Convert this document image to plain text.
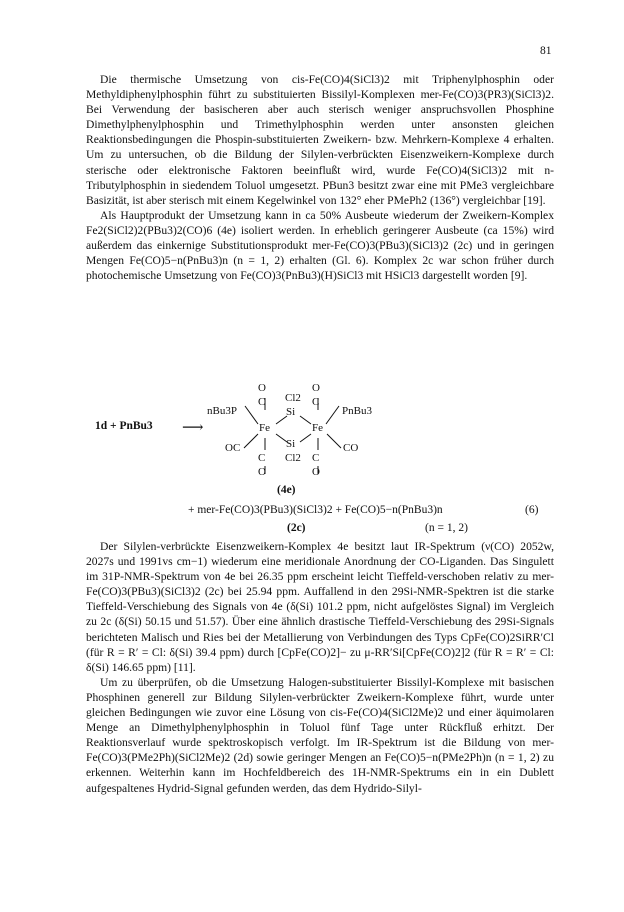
81

Die thermische Umsetzung von cis-Fe(CO)4(SiCl3)2 mit Triphenylphosphin oder Methyldiphenylphosphin führt zu substituierten Bissilyl-Komplexen mer-Fe(CO)3(PR3)(SiCl3)2. Bei Verwendung der basischeren aber auch sterisch weniger anspruchsvollen Phosphine Dimethylphenylphosphin und Trimethylphosphin werden unter ansonsten gleichen Reaktionsbedingungen die Phospin-substituierten Zweikern- bzw. Mehrkern-Komplexe 4 erhalten. Um zu untersuchen, ob die Bildung der Silylen-verbrückten Eisenzweikern-Komplexe durch sterische oder elektronische Faktoren beeinflußt wird, wurde Fe(CO)4(SiCl3)2 mit n-Tributylphosphin in siedendem Toluol umgesetzt. PBun3 besitzt zwar eine mit PMe3 vergleichbare Basizität, ist aber sterisch mit einem Kegelwinkel von 132° eher PMePh2 (136°) vergleichbar [19].

Als Hauptprodukt der Umsetzung kann in ca 50% Ausbeute wiederum der Zweikern-Komplex Fe2(SiCl2)2(PBu3)2(CO)6 (4e) isoliert werden. In erheblich geringerer Ausbeute (ca 15%) wird außerdem das einkernige Substitutionsprodukt mer-Fe(CO)3(PBu3)(SiCl3)2 (2c) und in geringen Mengen Fe(CO)5−n(PnBu3)n (n = 1, 2) erhalten (Gl. 6). Komplex 2c war schon früher durch photochemische Umsetzung von Fe(CO)3(PnBu3)(H)SiCl3 mit HSiCl3 dargestellt worden [9].

O	O
C	C
Cl2
nBu3P	PnBu3
Si
1d + PnBu3 ⟶	Fe	Fe
OC	CO
Si
C	C
Cl2
O	O
(4e)
+ mer-Fe(CO)3(PBu3)(SiCl3)2 + Fe(CO)5−n(PnBu3)n	(6)
(2c)	(n = 1, 2)

Der Silylen-verbrückte Eisenzweikern-Komplex 4e besitzt laut IR-Spektrum (ν(CO) 2052w, 2027s und 1991vs cm−1) wiederum eine meridionale Anordnung der CO-Liganden. Das Singulett im 31P-NMR-Spektrum von 4e bei 26.35 ppm erscheint leicht Tieffeld-verschoben relativ zu mer-Fe(CO)3(PBu3)(SiCl3)2 (2c) bei 25.94 ppm. Auffallend in den 29Si-NMR-Spektren ist die starke Tieffeld-Verschiebung des Signals von 4e (δ(Si) 101.2 ppm, nicht aufgelöstes Signal) im Vergleich zu 2c (δ(Si) 50.15 und 51.57). Über eine ähnlich drastische Tieffeld-Verschiebung des 29Si-Signals berichteten Malisch und Ries bei der Metallierung von Verbindungen des Typs CpFe(CO)2SiRR′Cl (für R = R′ = Cl: δ(Si) 39.4 ppm) durch [CpFe(CO)2]− zu μ-RR′Si[CpFe(CO)2]2 (für R = R′ = Cl: δ(Si) 146.65 ppm) [11].

Um zu überprüfen, ob die Umsetzung Halogen-substituierter Bissilyl-Komplexe mit basischen Phosphinen generell zur Bildung Silylen-verbrückter Zweikern-Komplexe führt, wurde unter gleichen Bedingungen wie zuvor eine Lösung von cis-Fe(CO)4(SiCl2Me)2 und einer äquimolaren Menge an Dimethylphenylphosphin in Toluol fünf Tage unter Rückfluß erhitzt. Der Reaktionsverlauf wurde spektroskopisch verfolgt. Im IR-Spektrum ist die Bildung von mer-Fe(CO)3(PMe2Ph)(SiCl2Me)2 (2d) sowie geringer Mengen an Fe(CO)5−n(PMe2Ph)n (n = 1, 2) zu erkennen. Weiterhin kann im Hochfeldbereich des 1H-NMR-Spektrums ein in ein Dublett aufgespaltenes Hydrid-Signal gefunden werden, das dem Hydrido-Silyl-
